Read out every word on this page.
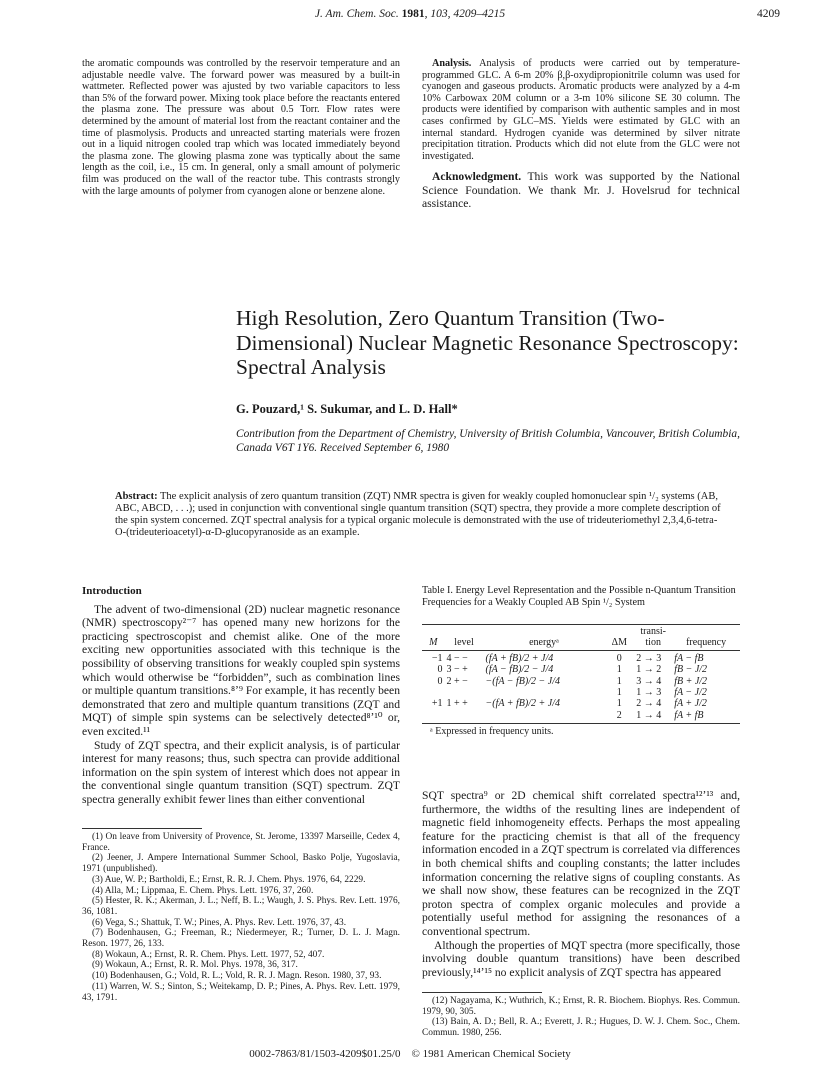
J. Am. Chem. Soc. 1981, 103, 4209–4215	4209

the aromatic compounds was controlled by the reservoir temperature and an adjustable needle valve. The forward power was measured by a built-in wattmeter. Reflected power was ajusted by two variable capacitors to less than 5% of the forward power. Mixing took place before the reactants entered the plasma zone. The pressure was about 0.5 Torr. Flow rates were determined by the amount of material lost from the reactant container and the time of plasmolysis. Products and unreacted starting materials were frozen out in a liquid nitrogen cooled trap which was located immediately beyond the plasma zone. The glowing plasma zone was typtically about the same length as the coil, i.e., 15 cm. In general, only a small amount of polymeric film was produced on the wall of the reactor tube. This contrasts strongly with the large amounts of polymer from cyanogen alone or benzene alone.

Analysis. Analysis of products were carried out by temperature-programmed GLC. A 6-m 20% β,β-oxydipropionitrile column was used for cyanogen and gaseous products. Aromatic products were analyzed by a 4-m 10% Carbowax 20M column or a 3-m 10% silicone SE 30 column. The products were identified by comparison with authentic samples and in most cases confirmed by GLC–MS. Yields were estimated by GLC with an internal standard. Hydrogen cyanide was determined by silver nitrate precipitation titration. Products which did not elute from the GLC were not investigated.

Acknowledgment. This work was supported by the National Science Foundation. We thank Mr. J. Hovelsrud for technical assistance.

High Resolution, Zero Quantum Transition (Two-Dimensional) Nuclear Magnetic Resonance Spectroscopy: Spectral Analysis
G. Pouzard,¹ S. Sukumar, and L. D. Hall*
Contribution from the Department of Chemistry, University of British Columbia, Vancouver, British Columbia, Canada V6T 1Y6. Received September 6, 1980

Abstract: The explicit analysis of zero quantum transition (ZQT) NMR spectra is given for weakly coupled homonuclear spin ¹/₂ systems (AB, ABC, ABCD, . . .); used in conjunction with conventional single quantum transition (SQT) spectra, they provide a more complete description of the spin system concerned. ZQT spectral analysis for a typical organic molecule is demonstrated with the use of trideuteriomethyl 2,3,4,6-tetra-O-(trideuterioacetyl)-α-D-glucopyranoside as an example.

Introduction

The advent of two-dimensional (2D) nuclear magnetic resonance (NMR) spectroscopy²⁻⁷ has opened many new horizons for the practicing spectroscopist and chemist alike. One of the more exciting new opportunities associated with this technique is the possibility of observing transitions for weakly coupled spin systems which would otherwise be “forbidden”, such as combination lines or multiple quantum transitions.⁸ʼ⁹ For example, it has recently been demonstrated that zero and multiple quantum transitions (ZQT and MQT) of simple spin systems can be selectively detected⁸ʼ¹⁰ or, even excited.¹¹

Study of ZQT spectra, and their explicit analysis, is of particular interest for many reasons; thus, such spectra can provide additional information on the spin system of interest which does not appear in the conventional single quantum transition (SQT) spectrum. ZQT spectra generally exhibit fewer lines than either conventional

(1) On leave from University of Provence, St. Jerome, 13397 Marseille, Cedex 4, France.

(2) Jeener, J. Ampere International Summer School, Basko Polje, Yugoslavia, 1971 (unpublished).

(3) Aue, W. P.; Bartholdi, E.; Ernst, R. R. J. Chem. Phys. 1976, 64, 2229.

(4) Alla, M.; Lippmaa, E. Chem. Phys. Lett. 1976, 37, 260.

(5) Hester, R. K.; Akerman, J. L.; Neff, B. L.; Waugh, J. S. Phys. Rev. Lett. 1976, 36, 1081.

(6) Vega, S.; Shattuk, T. W.; Pines, A. Phys. Rev. Lett. 1976, 37, 43.

(7) Bodenhausen, G.; Freeman, R.; Niedermeyer, R.; Turner, D. L. J. Magn. Reson. 1977, 26, 133.

(8) Wokaun, A.; Ernst, R. R. Chem. Phys. Lett. 1977, 52, 407.

(9) Wokaun, A.; Ernst, R. R. Mol. Phys. 1978, 36, 317.

(10) Bodenhausen, G.; Vold, R. L.; Vold, R. R. J. Magn. Reson. 1980, 37, 93.

(11) Warren, W. S.; Sinton, S.; Weitekamp, D. P.; Pines, A. Phys. Rev. Lett. 1979, 43, 1791.

Table I. Energy Level Representation and the Possible n-Quantum Transition Frequencies for a Weakly Coupled AB Spin ¹/₂ System
M	level	energyᵃ	ΔM	transi-tion	frequency

−1	4 − −	(fA + fB)/2 + J/4	0	2 → 3	fA − fB
0	3 − +	(fA − fB)/2 − J/4	1	1 → 2	fB − J/2
0	2 + −	−(fA − fB)/2 − J/4	1	3 → 4	fB + J/2
			1	1 → 3	fA − J/2
+1	1 + +	−(fA + fB)/2 + J/4	1	2 → 4	fA + J/2
			2	1 → 4	fA + fB

ᵃ Expressed in frequency units.

SQT spectra⁹ or 2D chemical shift correlated spectra¹²ʼ¹³ and, furthermore, the widths of the resulting lines are independent of magnetic field inhomogeneity effects. Perhaps the most appealing feature for the practicing chemist is that all of the frequency information encoded in a ZQT spectrum is correlated via differences in both chemical shifts and coupling constants; the latter includes information concerning the relative signs of coupling constants. As we shall now show, these features can be recognized in the ZQT proton spectra of complex organic molecules and provide a potentially useful method for assigning the resonances of a conventional spectrum.

Although the properties of MQT spectra (more specifically, those involving double quantum transitions) have been described previously,¹⁴ʼ¹⁵ no explicit analysis of ZQT spectra has appeared

(12) Nagayama, K.; Wuthrich, K.; Ernst, R. R. Biochem. Biophys. Res. Commun. 1979, 90, 305.

(13) Bain, A. D.; Bell, R. A.; Everett, J. R.; Hugues, D. W. J. Chem. Soc., Chem. Commun. 1980, 256.

0002-7863/81/1503-4209$01.25/0 © 1981 American Chemical Society
